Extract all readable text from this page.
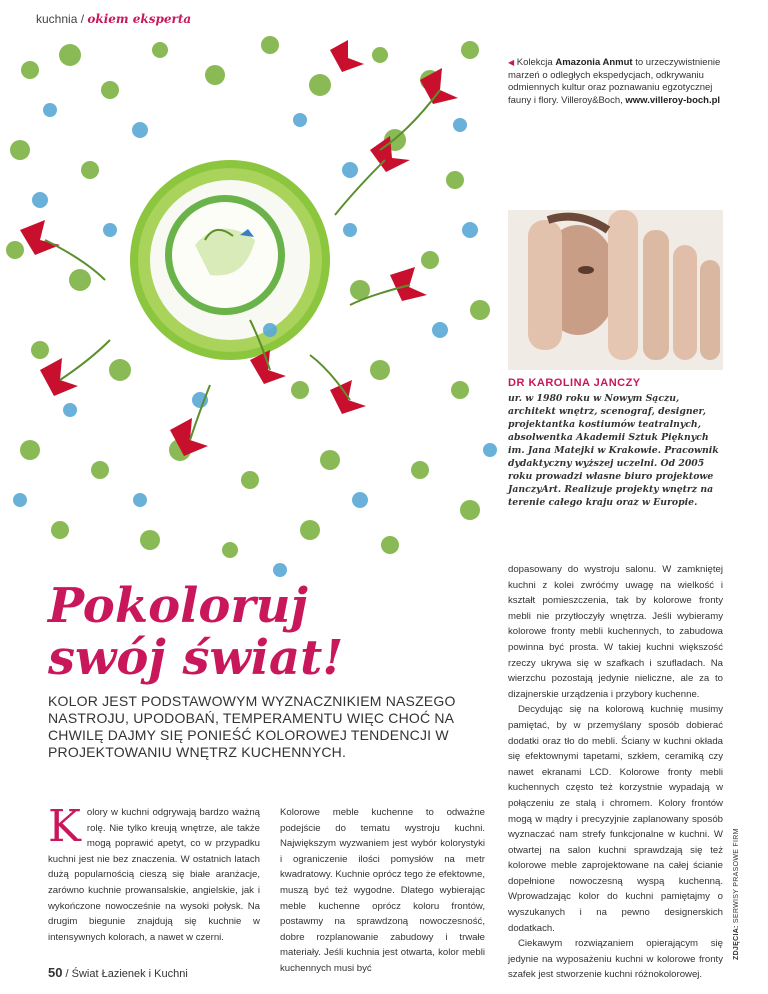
kuchnia / okiem eksperta
◀ Kolekcja Amazonia Anmut to urzeczywistnienie marzeń o odległych ekspedycjach, odkrywaniu odmiennych kultur oraz poznawaniu egzotycznej fauny i flory. Villeroy&Boch, www.villeroy-boch.pl
DR KAROLINA JANCZY
ur. w 1980 roku w Nowym Sączu, architekt wnętrz, scenograf, designer, projektantka kostiumów teatralnych, absolwentka Akademii Sztuk Pięknych im. Jana Matejki w Krakowie. Pracownik dydaktyczny wyższej uczelni. Od 2005 roku prowadzi własne biuro projektowe JanczyArt. Realizuje projekty wnętrz na terenie całego kraju oraz w Europie.
Pokoloruj
swój świat!
KOLOR JEST PODSTAWOWYM WYZNACZNIKIEM NASZEGO NASTROJU, UPODOBAŃ, TEMPERAMENTU WIĘC CHOĆ NA CHWILĘ DAJMY SIĘ PONIEŚĆ KOLOROWEJ TENDENCJI W PROJEKTOWANIU WNĘTRZ KUCHENNYCH.
K olory w kuchni odgrywają bardzo ważną rolę. Nie tylko kreują wnętrze, ale także mogą poprawić apetyt, co w przypadku kuchni jest nie bez znaczenia. W ostatnich latach dużą popularnością cieszą się białe aranżacje, zarówno kuchnie prowansalskie, angielskie, jak i wykończone nowocześnie na wysoki połysk. Na drugim biegunie znajdują się kuchnie w intensywnych kolorach, a nawet w czerni.

Kolorowe meble kuchenne to odważne podejście do tematu wystroju kuchni. Największym wyzwaniem jest wybór kolorystyki i ograniczenie ilości pomysłów na metr kwadratowy. Kuchnie oprócz tego że efektowne, muszą być też wygodne. Dlatego wybierając meble kuchenne oprócz koloru frontów, postawmy na sprawdzoną nowoczesność, dobre rozplanowanie zabudowy i trwałe materiały. Jeśli kuchnia jest otwarta, kolor mebli kuchennych musi być

dopasowany do wystroju salonu. W zamkniętej kuchni z kolei zwróćmy uwagę na wielkość i kształt pomieszczenia, tak by kolorowe fronty mebli nie przytłoczyły wnętrza. Jeśli wybieramy kolorowe fronty mebli kuchennych, to zabudowa powinna być prosta. W takiej kuchni większość rzeczy ukrywa się w szafkach i szufladach. Na wierzchu pozostają jedynie nieliczne, ale za to dizajnerskie urządzenia i przybory kuchenne.

Decydując się na kolorową kuchnię musimy pamiętać, by w przemyślany sposób dobierać dodatki oraz tło do mebli. Ściany w kuchni okłada się efektownymi tapetami, szkłem, ceramiką czy nawet ekranami LCD. Kolorowe fronty mebli kuchennych często też korzystnie wypadają w połączeniu ze stalą i chromem. Kolory frontów mogą w mądry i precyzyjnie zaplanowany sposób wyznaczać nam strefy funkcjonalne w kuchni. W otwartej na salon kuchni sprawdzają się też kolorowe meble zaprojektowane na całej ścianie dopełnione nowoczesną wyspą kuchenną. Wprowadzając kolor do kuchni pamiętajmy o wyszukanych i na pewno designerskich dodatkach.

Ciekawym rozwiązaniem opierającym się jedynie na wyposażeniu kuchni w kolorowe fronty szafek jest stworzenie kuchni różnokolorowej.

50 / Świat Łazienek i Kuchni
ZDJĘCIA: SERWISY PRASOWE FIRM
